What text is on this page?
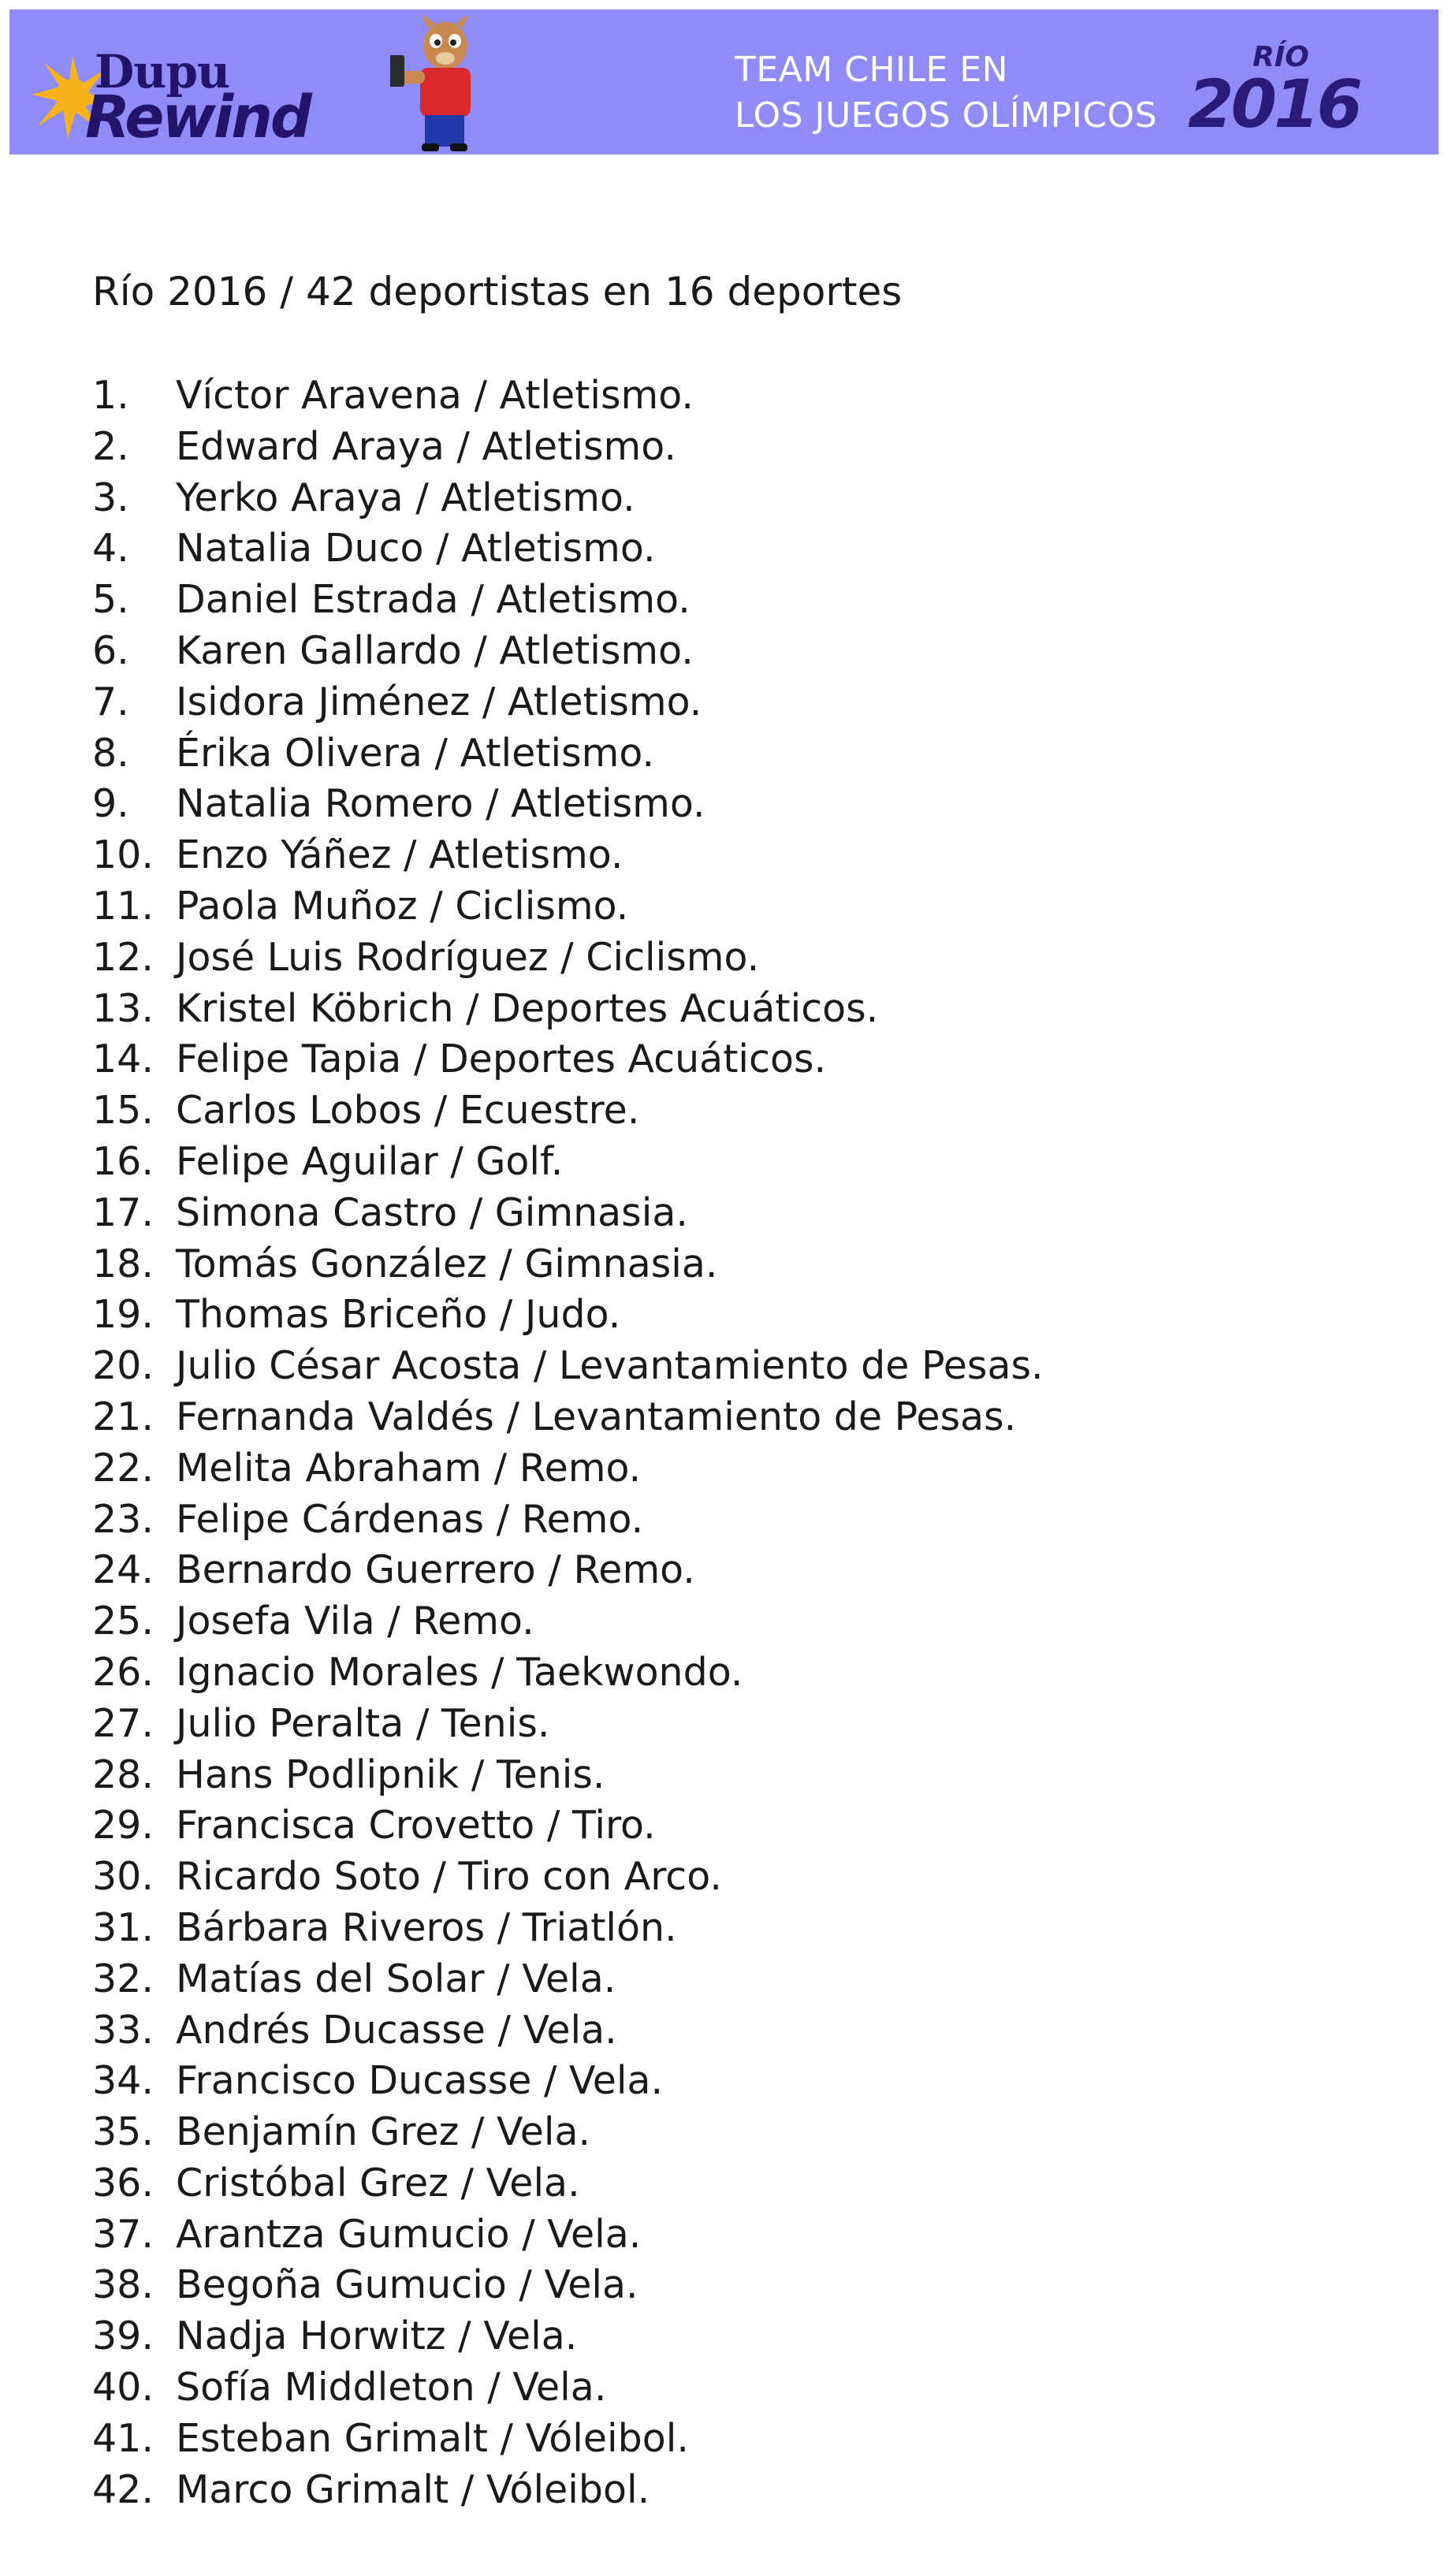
Dupu
Rewind
TEAM CHILE EN
LOS JUEGOS OLÍMPICOS
RÍO
2016
Río 2016 / 42 deportistas en 16 deportes
1.	Víctor Aravena / Atletismo.
2.	Edward Araya / Atletismo.
3.	Yerko Araya / Atletismo.
4.	Natalia Duco / Atletismo.
5.	Daniel Estrada / Atletismo.
6.	Karen Gallardo / Atletismo.
7.	Isidora Jiménez / Atletismo.
8.	Érika Olivera / Atletismo.
9.	Natalia Romero / Atletismo.
10. Enzo Yáñez / Atletismo.
11. Paola Muñoz / Ciclismo.
12. José Luis Rodríguez / Ciclismo.
13. Kristel Köbrich / Deportes Acuáticos.
14. Felipe Tapia / Deportes Acuáticos.
15. Carlos Lobos / Ecuestre.
16. Felipe Aguilar / Golf.
17. Simona Castro / Gimnasia.
18. Tomás González / Gimnasia.
19. Thomas Briceño / Judo.
20. Julio César Acosta / Levantamiento de Pesas.
21. Fernanda Valdés / Levantamiento de Pesas.
22. Melita Abraham / Remo.
23. Felipe Cárdenas / Remo.
24. Bernardo Guerrero / Remo.
25. Josefa Vila / Remo.
26. Ignacio Morales / Taekwondo.
27. Julio Peralta / Tenis.
28. Hans Podlipnik / Tenis.
29. Francisca Crovetto / Tiro.
30. Ricardo Soto / Tiro con Arco.
31. Bárbara Riveros / Triatlón.
32. Matías del Solar / Vela.
33. Andrés Ducasse / Vela.
34. Francisco Ducasse / Vela.
35. Benjamín Grez / Vela.
36. Cristóbal Grez / Vela.
37. Arantza Gumucio / Vela.
38. Begoña Gumucio / Vela.
39. Nadja Horwitz / Vela.
40. Sofía Middleton / Vela.
41. Esteban Grimalt / Vóleibol.
42. Marco Grimalt / Vóleibol.
